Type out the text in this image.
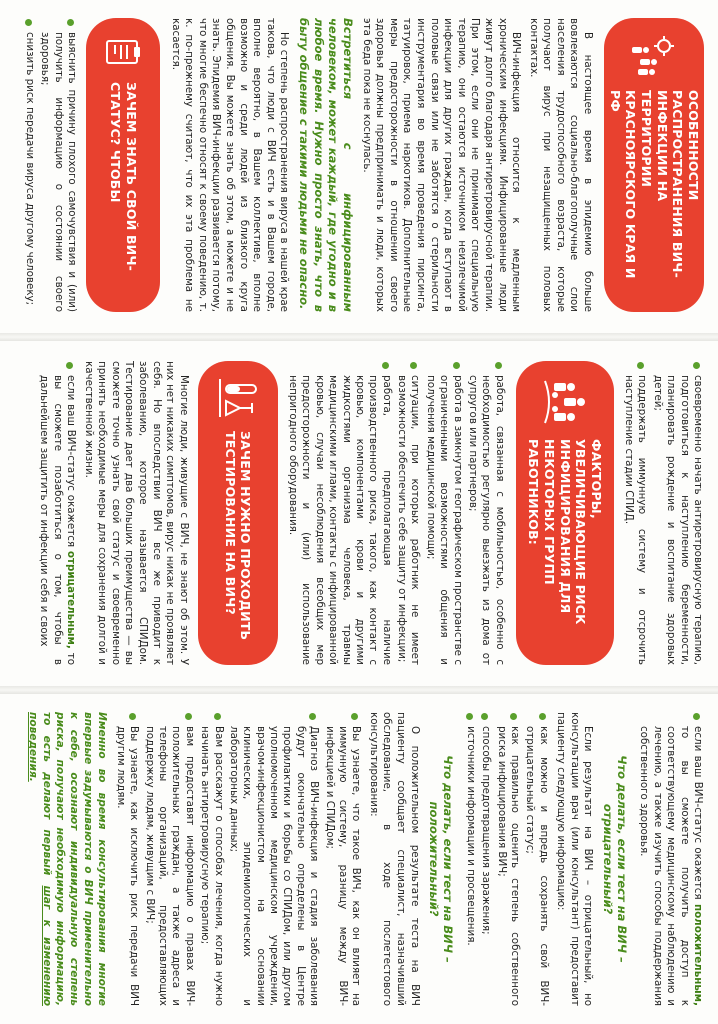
ОСОБЕННОСТИ РАСПРОСТРАНЕНИЯ ВИЧ-ИНФЕКЦИИ НА ТЕРРИТОРИИ КРАСНОЯРСКОГО КРАЯ И РФ

В настоящее время в эпидемию больше вовлекаются социально-благополучные слои населения трудоспособного возраста, которые получают вирус при незащищенных половых контактах.

ВИЧ-инфекция относится к медленным хроническим инфекциям. Инфицированные люди живут долго благодаря антиретровирусной терапии. При этом, если они не принимают специальную терапию, они остаются источником неизлечимой инфекции для других граждан, когда вступают в половые связи или не заботятся о стерильности инструментария во время проведения пирсинга, татуировок, приема наркотиков. Дополнительные меры предосторожности в отношении своего здоровья должны предпринимать и люди, которых эта беда пока не коснулась.

Встретиться с инфицированным человеком, может каждый, где угодно и в любое время. Нужно просто знать, что в быту общение с такими людьми не опасно.

Но степень распространения вируса в нашей крае такова, что люди с ВИЧ есть и в Вашем городе, вполне вероятно, в Вашем коллективе, вполне возможно и среди людей из близкого круга общения. Вы можете знать об этом, а можете и не знать. Эпидемия ВИЧ-инфекции развивается потому, что многие беспечно относят к своему поведению, т. к. по-прежнему считают, что их эта проблема не касается.

ЗАЧЕМ ЗНАТЬ СВОЙ ВИЧ-СТАТУС? ЧТОБЫ
выяснить причину плохого самочувствия и (или) получить информацию о состоянии своего здоровья;
снизить риск передачи вируса другому человеку;
своевременно начать антиретровирусную терапию, подготовиться к наступлению беременности, планировать рождение и воспитание здоровых детей;
поддержать иммунную систему и отсрочить наступление стадии СПИД.
ФАКТОРЫ, УВЕЛИЧИВАЮЩИЕ РИСК ИНФИЦИРОВАНИЯ ДЛЯ НЕКОТОРЫХ ГРУПП РАБОТНИКОВ:
работа, связанная с мобильностью, особенно с необходимостью регулярно выезжать из дома от супругов или партнеров;
работа в замкнутом географическом пространстве с ограниченными возможностями общения и получения медицинской помощи;
ситуации, при которых работник не имеет возможности обеспечить себе защиту от инфекции;
работа, предполагающая наличие производственного риска, такого, как контакт с кровью, компонентами крови и другими жидкостями организма человека, травмы медицинскими иглами, контакты с инфицированной кровью, случаи несоблюдения всеобщих мер предосторожности и (или) использование непригодного оборудования.
ЗАЧЕМ НУЖНО ПРОХОДИТЬ ТЕСТИРОВАНИЕ НА ВИЧ?

Многие люди, живущие с ВИЧ, не знают об этом. У них нет никаких симптомов, вирус никак не проявляет себя. Но впоследствии ВИЧ все же приводит к заболеванию, которое называется СПИДом. Тестирование дает два больших преимущества — вы сможете точно узнать свой статус и своевременно принять необходимые меры для сохранения долгой и качественной жизни.

если ваш ВИЧ-статус окажется отрицательным, то вы сможете позаботиться о том, чтобы в дальнейшем защитить от инфекции себя и своих
если ваш ВИЧ-статус окажется положительным, то вы сможете получить доступ к соответствующему медицинскому наблюдению и лечению, а также изучить способы поддержания собственного здоровья.
Что делать, если тест на ВИЧ – отрицательный?

Если результат на ВИЧ – отрицательный, но консультации врач (или консультант) предоставит пациенту следующую информацию:

как можно и впредь сохранять свой ВИЧ-отрицательный статус;
как правильно оценить степень собственного риска инфицирования ВИЧ;
способы предотвращения заражения;
источники информации и просвещения.
Что делать, если тест на ВИЧ – положительный?

О положительном результате теста на ВИЧ пациенту сообщает специалист, назначивший обследование, в ходе послетестового консультирования:

Вы узнаете, что такое ВИЧ, как он влияет на иммунную систему, разницу между ВИЧ-инфекцией и СПИДом;
Диагноз ВИЧ-инфекция и стадия заболевания будут окончательно определены в Центре профилактики и борьбы со СПИДом, или другом уполномоченном медицинском учреждении, врачом-инфекционистом на основании клинических, эпидемиологических и лабораторных данных;
Вам расскажут о способах лечения, когда нужно начинать антиретровирусную терапию;
вам предоставят информацию о правах ВИЧ-положительных граждан, а также адреса и телефоны организаций, предоставляющих поддержку людям, живущим с ВИЧ;
Вы узнаете, как исключить риск передачи ВИЧ другим людям.

Именно во время консультирования многие впервые задумываются о ВИЧ применительно к себе, осознают индивидуальную степень риска, получают необходимую информацию, то есть делают первый шаг к изменению поведения.
